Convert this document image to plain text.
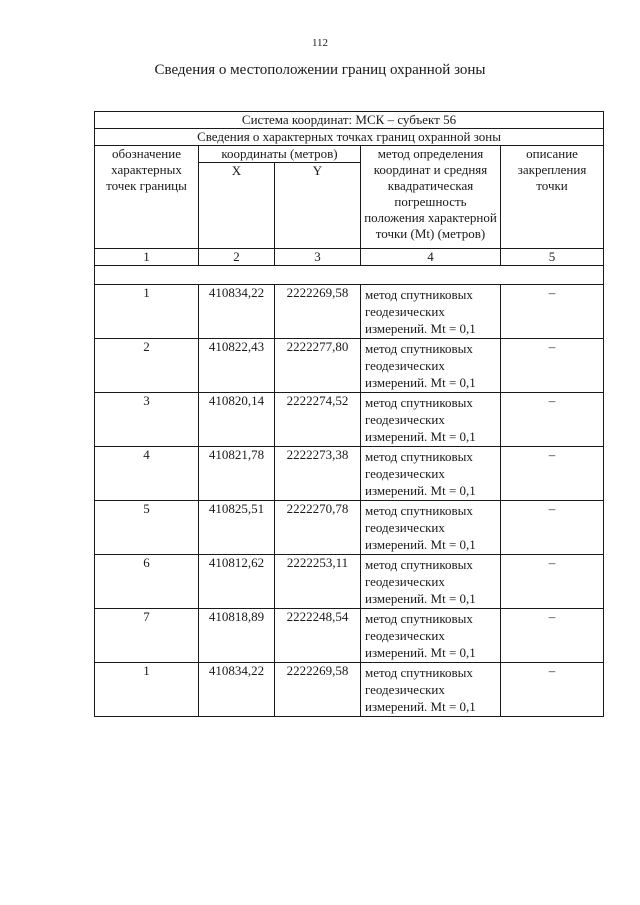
112
Сведения о местоположении границ охранной зоны
Система координат: МСК – субъект 56				
Сведения о характерных точках границ охранной зоны				
обозначение характерных точек границы	координаты (метров)		метод определения координат и средняя квадратическая погрешность положения характерной точки (Mt) (метров)	описание закрепления точки
	X	Y		
1	2	3	4	5

1	410834,22	2222269,58	метод спутниковых геодезических измерений. Mt = 0,1	–
2	410822,43	2222277,80	метод спутниковых геодезических измерений. Mt = 0,1	–
3	410820,14	2222274,52	метод спутниковых геодезических измерений. Mt = 0,1	–
4	410821,78	2222273,38	метод спутниковых геодезических измерений. Mt = 0,1	–
5	410825,51	2222270,78	метод спутниковых геодезических измерений. Mt = 0,1	–
6	410812,62	2222253,11	метод спутниковых геодезических измерений. Mt = 0,1	–
7	410818,89	2222248,54	метод спутниковых геодезических измерений. Mt = 0,1	–
1	410834,22	2222269,58	метод спутниковых геодезических измерений. Mt = 0,1	–
